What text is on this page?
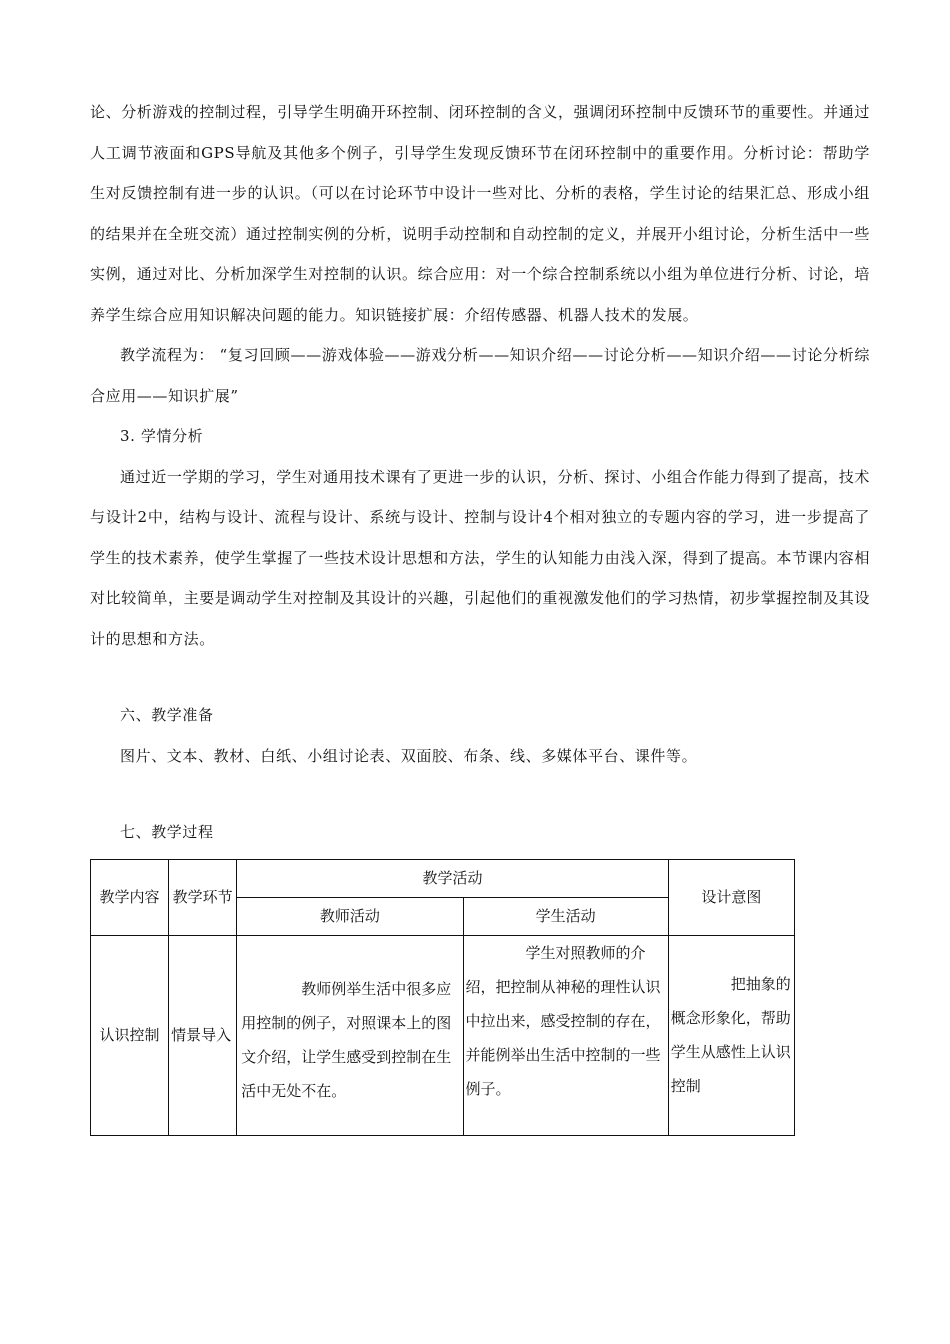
论、分析游戏的控制过程，引导学生明确开环控制、闭环控制的含义，强调闭环控制中反馈环节的重要性。并通过人工调节液面和GPS导航及其他多个例子，引导学生发现反馈环节在闭环控制中的重要作用。分析讨论：帮助学生对反馈控制有进一步的认识。（可以在讨论环节中设计一些对比、分析的表格，学生讨论的结果汇总、形成小组的结果并在全班交流）通过控制实例的分析，说明手动控制和自动控制的定义，并展开小组讨论，分析生活中一些实例，通过对比、分析加深学生对控制的认识。综合应用：对一个综合控制系统以小组为单位进行分析、讨论，培养学生综合应用知识解决问题的能力。知识链接扩展：介绍传感器、机器人技术的发展。

教学流程为： “复习回顾——游戏体验——游戏分析——知识介绍——讨论分析——知识介绍——讨论分析综合应用——知识扩展”

3. 学情分析

通过近一学期的学习，学生对通用技术课有了更进一步的认识，分析、探讨、小组合作能力得到了提高，技术与设计2中，结构与设计、流程与设计、系统与设计、控制与设计4个相对独立的专题内容的学习，进一步提高了学生的技术素养，使学生掌握了一些技术设计思想和方法，学生的认知能力由浅入深，得到了提高。本节课内容相对比较简单，主要是调动学生对控制及其设计的兴趣，引起他们的重视激发他们的学习热情，初步掌握控制及其设计的思想和方法。

六、教学准备

图片、文本、教材、白纸、小组讨论表、双面胶、布条、线、多媒体平台、课件等。

七、教学过程

教学内容	教学环节	教学活动		设计意图
		教师活动	学生活动	
认识控制	情景导入	教师例举生活中很多应用控制的例子，对照课本上的图文介绍，让学生感受到控制在生活中无处不在。	学生对照教师的介绍，把控制从神秘的理性认识中拉出来，感受控制的存在，并能例举出生活中控制的一些例子。	把抽象的概念形象化，帮助学生从感性上认识控制
